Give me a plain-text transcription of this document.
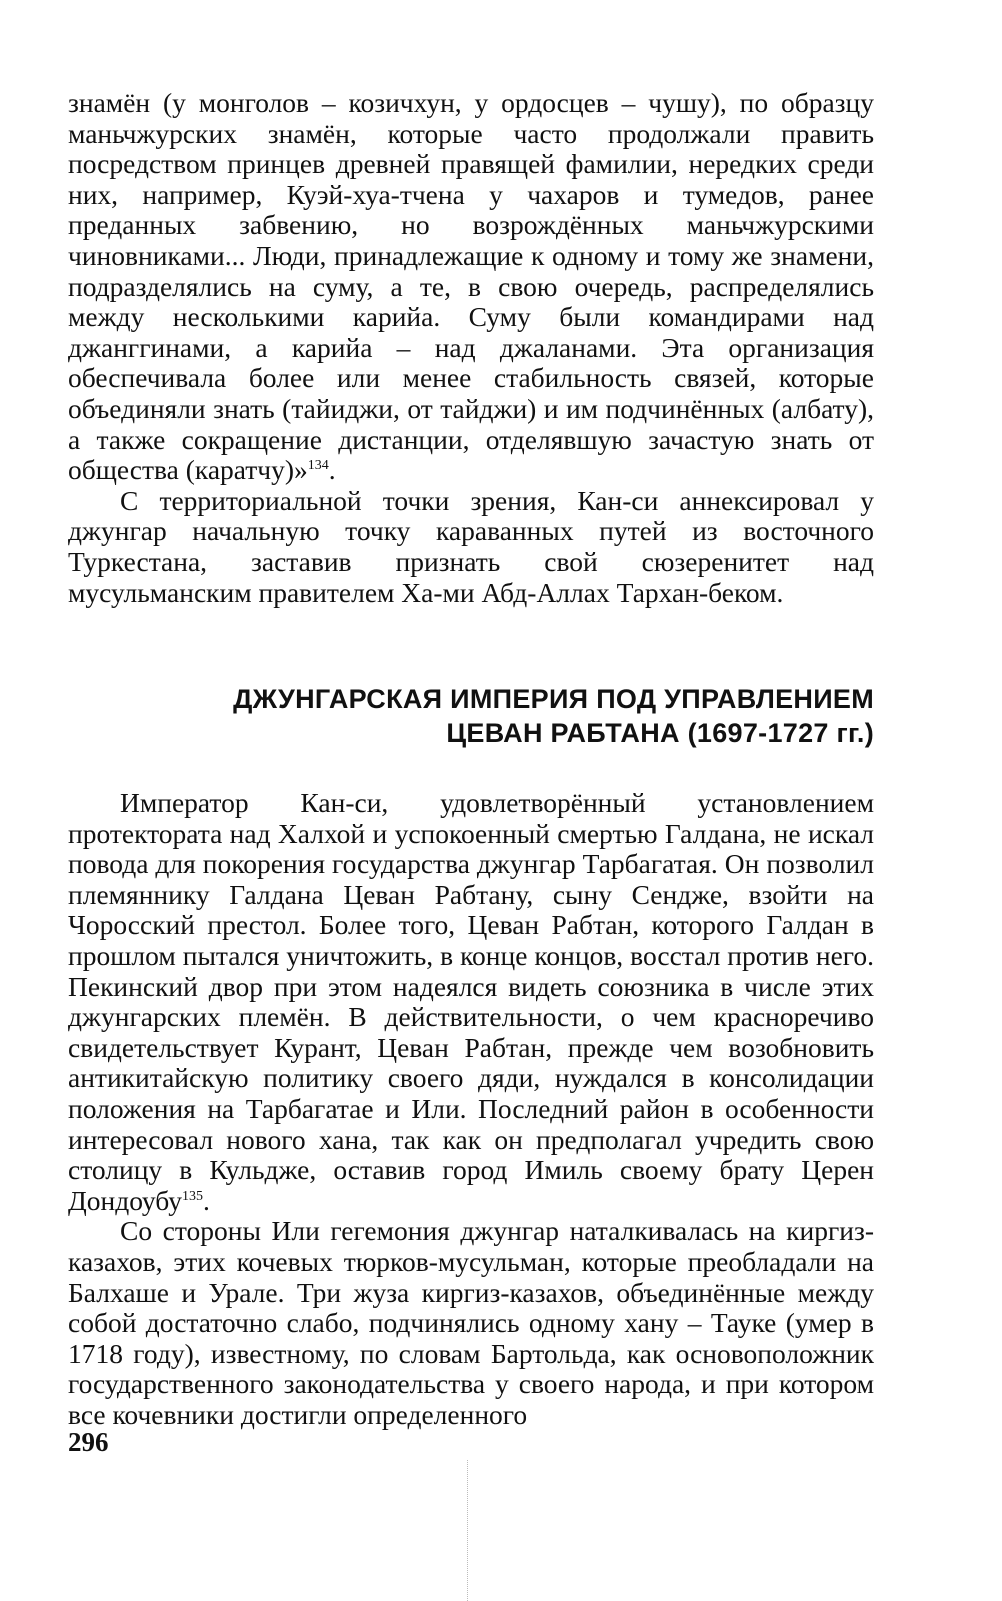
знамён (у монголов – козичхун, у ордосцев – чушу), по образцу маньчжурских знамён, которые часто продолжали править посредством принцев древней правящей фамилии, нередких среди них, например, Куэй-хуа-тчена у чахаров и тумедов, ранее преданных забвению, но возрождённых маньчжурскими чиновниками... Люди, принадлежащие к одному и тому же знамени, подразделялись на суму, а те, в свою очередь, распределялись между несколькими карийа. Суму были командирами над джанггинами, а карийа – над джаланами. Эта организация обеспечивала более или менее стабильность связей, которые объединяли знать (тайиджи, от тайджи) и им подчинённых (албату), а также сокращение дистанции, отделявшую зачастую знать от общества (каратчу)»$^{134}$.

С территориальной точки зрения, Кан-си аннексировал у джунгар начальную точку караванных путей из восточного Туркестана, заставив признать свой сюзеренитет над мусульманским правителем Ха-ми Абд-Аллах Тархан-беком.

ДЖУНГАРСКАЯ ИМПЕРИЯ ПОД УПРАВЛЕНИЕМ
ЦЕВАН РАБТАНА (1697-1727 гг.)

Император Кан-си, удовлетворённый установлением протектората над Халхой и успокоенный смертью Галдана, не искал повода для покорения государства джунгар Тарбагатая. Он позволил племяннику Галдана Цеван Рабтану, сыну Сендже, взойти на Чоросский престол. Более того, Цеван Рабтан, которого Галдан в прошлом пытался уничтожить, в конце концов, восстал против него. Пекинский двор при этом надеялся видеть союзника в числе этих джунгарских племён. В действительности, о чем красноречиво свидетельствует Курант, Цеван Рабтан, прежде чем возобновить антикитайскую политику своего дяди, нуждался в консолидации положения на Тарбагатае и Или. Последний район в особенности интересовал нового хана, так как он предполагал учредить свою столицу в Кульдже, оставив город Имиль своему брату Церен Дондоубу$^{135}$.

Со стороны Или гегемония джунгар наталкивалась на киргиз-казахов, этих кочевых тюрков-мусульман, которые преобладали на Балхаше и Урале. Три жуза киргиз-казахов, объединённые между собой достаточно слабо, подчинялись одному хану – Тауке (умер в 1718 году), известному, по словам Бартольда, как основоположник государственного законодательства у своего народа, и при котором все кочевники достигли определенного

296
